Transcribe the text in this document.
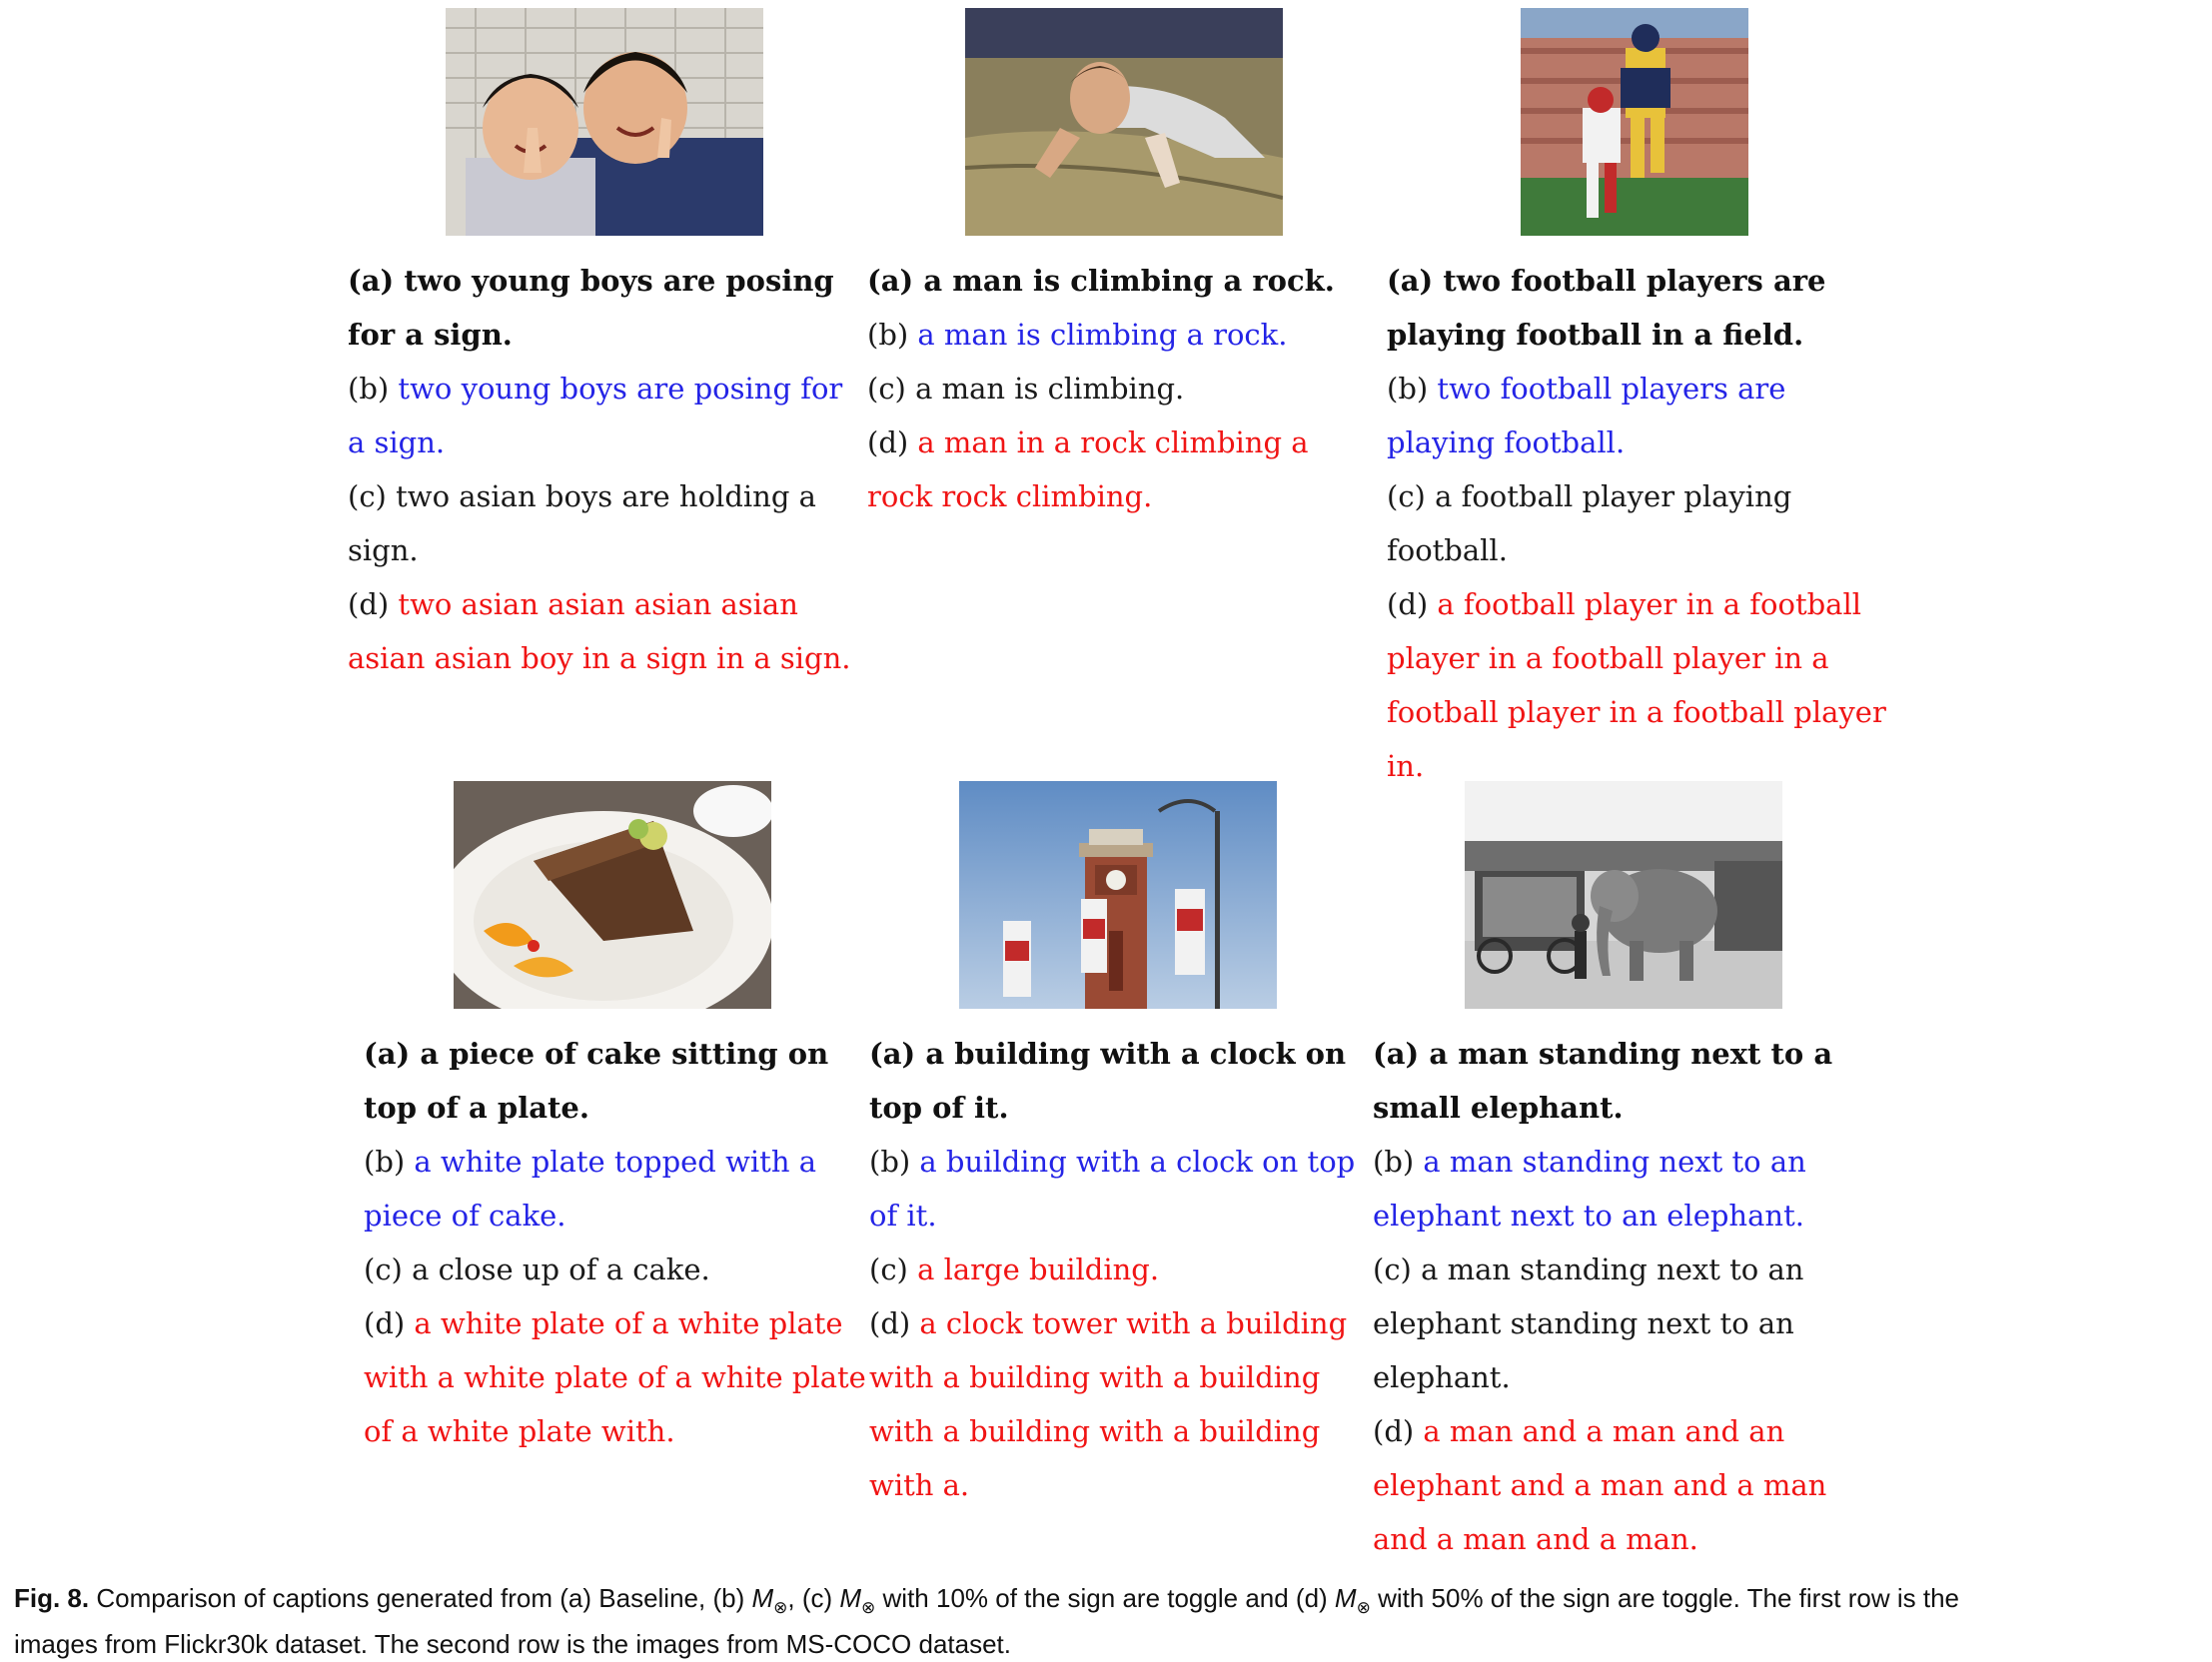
(a) two young boys are posing for a sign.

(b) two young boys are posing for a sign.

(c) two asian boys are holding a sign.

(d) two asian asian asian asian asian asian boy in a sign in a sign.

(a) a man is climbing a rock.

(b) a man is climbing a rock.

(c) a man is climbing.

(d) a man in a rock climbing a rock rock climbing.

(a) two football players are playing football in a field.

(b) two football players are playing football.

(c) a football player playing football.

(d) a football player in a football player in a football player in a football player in a football player in.

(a) a piece of cake sitting on top of a plate.

(b) a white plate topped with a piece of cake.

(c) a close up of a cake.

(d) a white plate of a white plate with a white plate of a white plate of a white plate with.

(a) a building with a clock on top of it.

(b) a building with a clock on top of it.

(c) a large building.

(d) a clock tower with a building with a building with a building with a building with a building with a.

(a) a man standing next to a small elephant.

(b) a man standing next to an elephant next to an elephant.

(c) a man standing next to an elephant standing next to an elephant.

(d) a man and a man and an elephant and a man and a man and a man and a man.

Fig. 8. Comparison of captions generated from (a) Baseline, (b) $M_\otimes$, (c) $M_\otimes$ with 10% of the sign are toggle and (d) $M_\otimes$ with 50% of the sign are toggle. The first row is the
images from Flickr30k dataset. The second row is the images from MS-COCO dataset.
